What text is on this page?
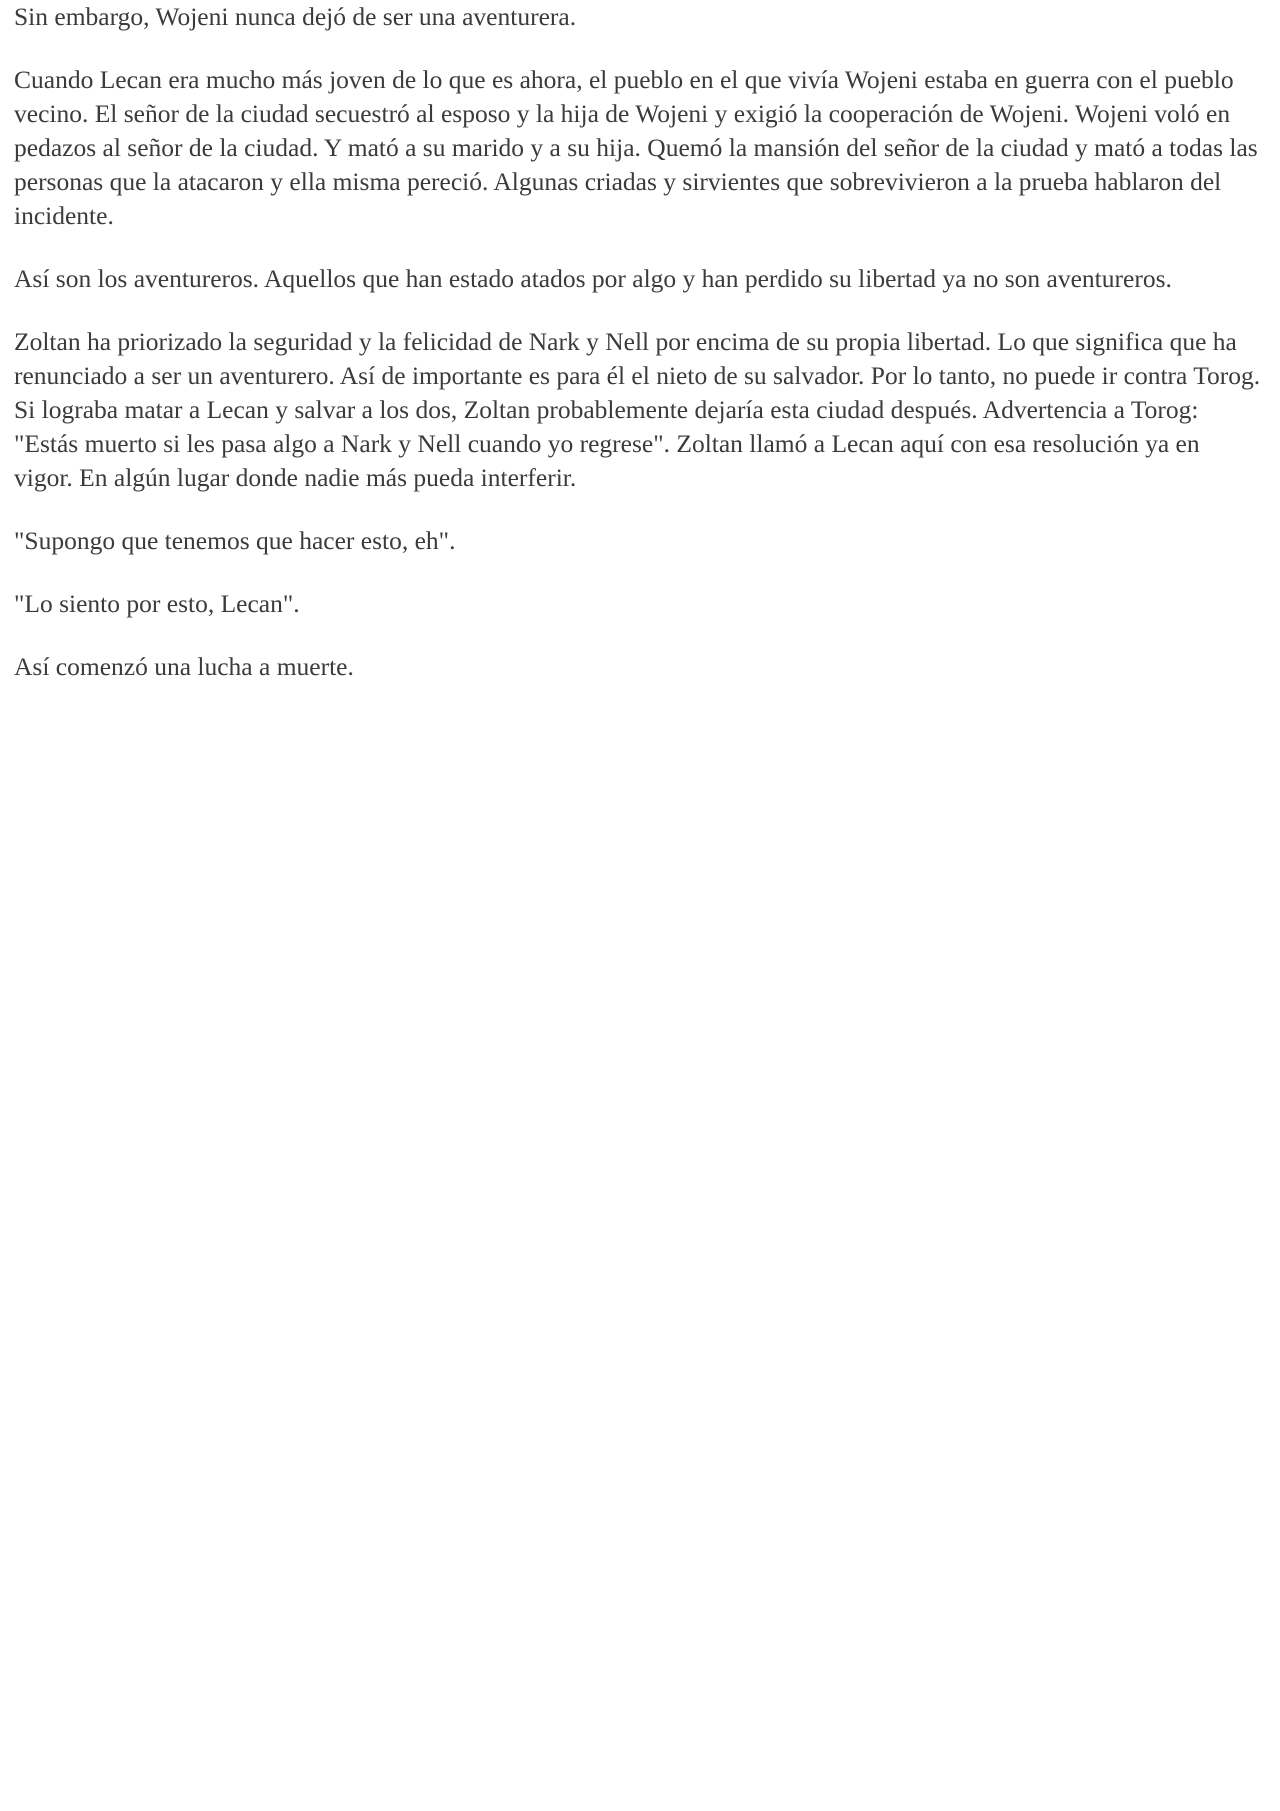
Sin embargo, Wojeni nunca dejó de ser una aventurera.

Cuando Lecan era mucho más joven de lo que es ahora, el pueblo en el que vivía Wojeni estaba en guerra con el pueblo vecino. El señor de la ciudad secuestró al esposo y la hija de Wojeni y exigió la cooperación de Wojeni. Wojeni voló en pedazos al señor de la ciudad. Y mató a su marido y a su hija. Quemó la mansión del señor de la ciudad y mató a todas las personas que la atacaron y ella misma pereció. Algunas criadas y sirvientes que sobrevivieron a la prueba hablaron del incidente.

Así son los aventureros. Aquellos que han estado atados por algo y han perdido su libertad ya no son aventureros.

Zoltan ha priorizado la seguridad y la felicidad de Nark y Nell por encima de su propia libertad. Lo que significa que ha renunciado a ser un aventurero. Así de importante es para él el nieto de su salvador. Por lo tanto, no puede ir contra Torog. Si lograba matar a Lecan y salvar a los dos, Zoltan probablemente dejaría esta ciudad después. Advertencia a Torog: "Estás muerto si les pasa algo a Nark y Nell cuando yo regrese". Zoltan llamó a Lecan aquí con esa resolución ya en vigor. En algún lugar donde nadie más pueda interferir.

"Supongo que tenemos que hacer esto, eh".

"Lo siento por esto, Lecan".

Así comenzó una lucha a muerte.
